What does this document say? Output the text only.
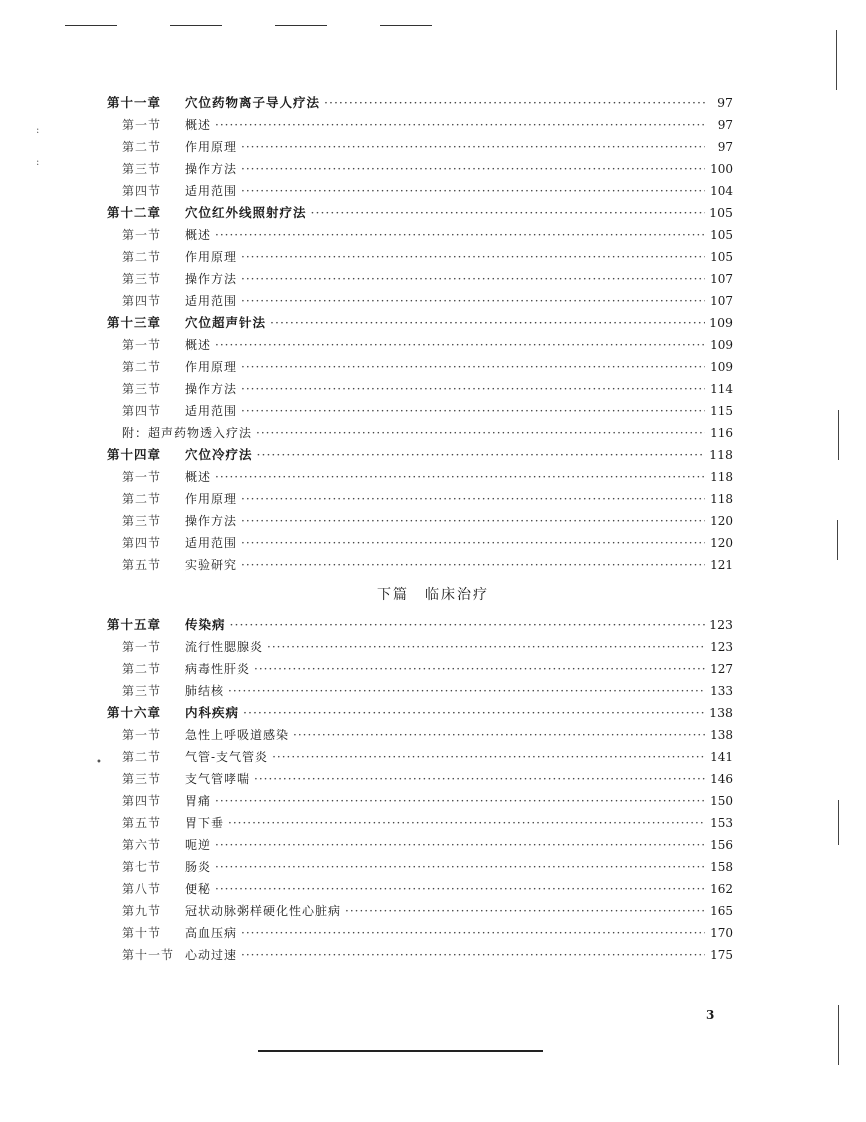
:
:
•
第十一章 穴位药物离子导人疗法 ·····	97
第一节 概述 ·····	97
第二节 作用原理 ·····	97
第三节 操作方法 ·····	100
第四节 适用范围 ·····	104
第十二章 穴位红外线照射疗法 ·····	105
第一节 概述 ·····	105
第二节 作用原理 ·····	105
第三节 操作方法 ·····	107
第四节 适用范围 ·····	107
第十三章 穴位超声针法 ·····	109
第一节 概述 ·····	109
第二节 作用原理 ·····	109
第三节 操作方法 ·····	114
第四节 适用范围 ·····	115
附：超声药物透入疗法 ·····	116
第十四章 穴位冷疗法 ·····	118
第一节 概述 ·····	118
第二节 作用原理 ·····	118
第三节 操作方法 ·····	120
第四节 适用范围 ·····	120
第五节 实验研究 ·····	121
下篇 临床治疗
第十五章 传染病 ·····	123
第一节 流行性腮腺炎 ·····	123
第二节 病毒性肝炎 ·····	127
第三节 肺结核 ·····	133
第十六章 内科疾病 ·····	138
第一节 急性上呼吸道感染 ·····	138
第二节 气管-支气管炎 ·····	141
第三节 支气管哮喘 ·····	146
第四节 胃痛 ·····	150
第五节 胃下垂 ·····	153
第六节 呃逆 ·····	156
第七节 肠炎 ·····	158
第八节 便秘 ·····	162
第九节 冠状动脉粥样硬化性心脏病 ·····	165
第十节 高血压病 ·····	170
第十一节 心动过速 ·····	175
3
